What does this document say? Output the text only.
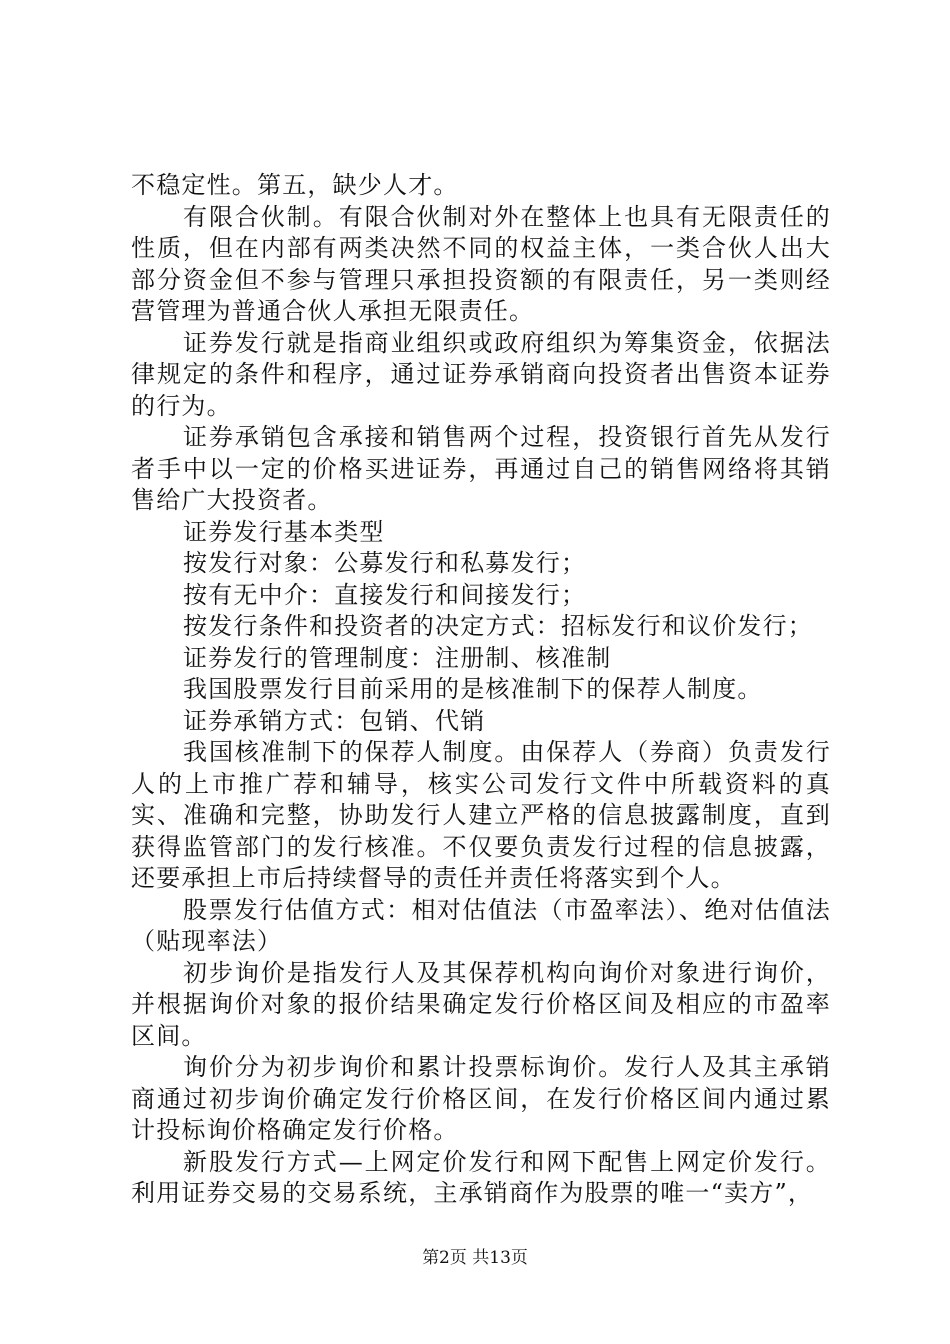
不稳定性。第五，缺少人才。

有限合伙制。有限合伙制对外在整体上也具有无限责任的性质，但在内部有两类决然不同的权益主体，一类合伙人出大部分资金但不参与管理只承担投资额的有限责任，另一类则经营管理为普通合伙人承担无限责任。

证券发行就是指商业组织或政府组织为筹集资金，依据法律规定的条件和程序，通过证券承销商向投资者出售资本证券的行为。

证券承销包含承接和销售两个过程，投资银行首先从发行者手中以一定的价格买进证券，再通过自己的销售网络将其销售给广大投资者。

证券发行基本类型

按发行对象：公募发行和私募发行；

按有无中介：直接发行和间接发行；

按发行条件和投资者的决定方式：招标发行和议价发行；

证券发行的管理制度：注册制、核准制

我国股票发行目前采用的是核准制下的保荐人制度。

证券承销方式：包销、代销

我国核准制下的保荐人制度。由保荐人（券商）负责发行人的上市推广荐和辅导，核实公司发行文件中所载资料的真实、准确和完整，协助发行人建立严格的信息披露制度，直到获得监管部门的发行核准。不仅要负责发行过程的信息披露，还要承担上市后持续督导的责任并责任将落实到个人。

股票发行估值方式：相对估值法（市盈率法）、绝对估值法（贴现率法）

初步询价是指发行人及其保荐机构向询价对象进行询价，并根据询价对象的报价结果确定发行价格区间及相应的市盈率区间。

询价分为初步询价和累计投票标询价。发行人及其主承销商通过初步询价确定发行价格区间，在发行价格区间内通过累计投标询价格确定发行价格。

新股发行方式—上网定价发行和网下配售上网定价发行。利用证券交易的交易系统，主承销商作为股票的唯一“卖方”，

第2页 共13页
